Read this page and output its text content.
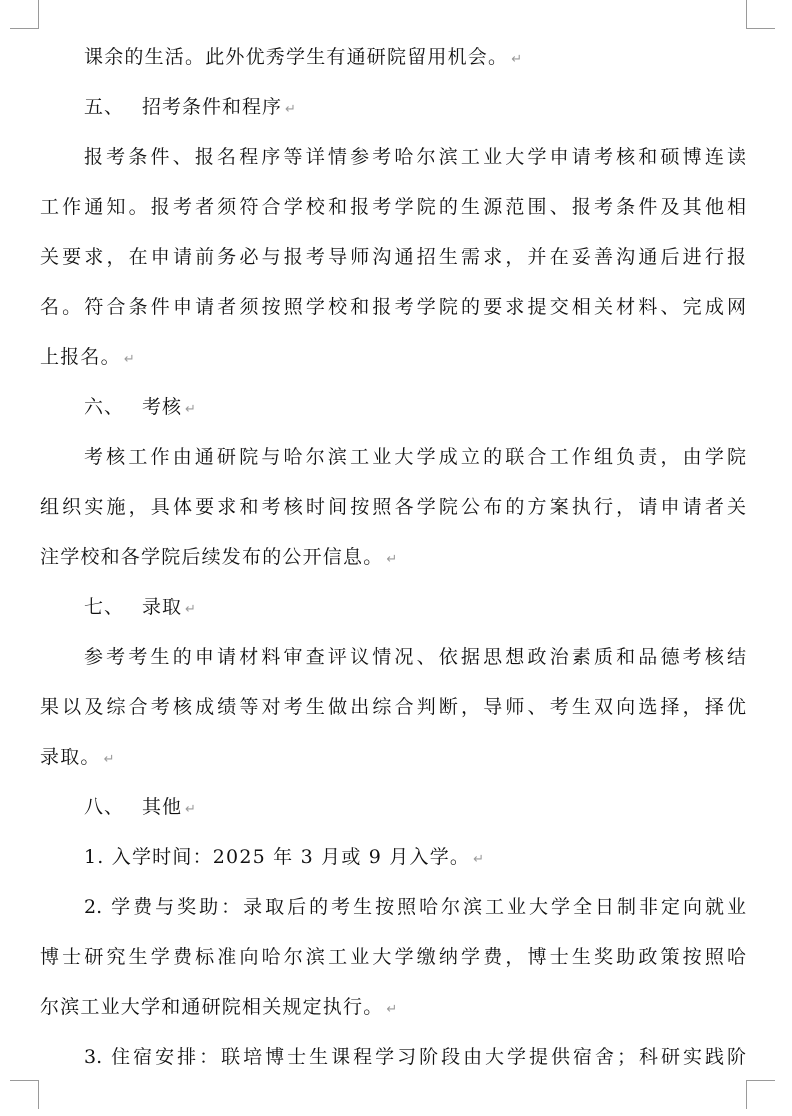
课余的生活。此外优秀学生有通研院留用机会。 ↵
五、 招考条件和程序 ↵
报考条件、报名程序等详情参考哈尔滨工业大学申请考核和硕博连读
工作通知。报考者须符合学校和报考学院的生源范围、报考条件及其他相
关要求，在申请前务必与报考导师沟通招生需求，并在妥善沟通后进行报
名。符合条件申请者须按照学校和报考学院的要求提交相关材料、完成网
上报名。 ↵
六、 考核 ↵
考核工作由通研院与哈尔滨工业大学成立的联合工作组负责，由学院
组织实施，具体要求和考核时间按照各学院公布的方案执行，请申请者关
注学校和各学院后续发布的公开信息。 ↵
七、 录取 ↵
参考考生的申请材料审查评议情况、依据思想政治素质和品德考核结
果以及综合考核成绩等对考生做出综合判断，导师、考生双向选择，择优
录取。 ↵
八、 其他 ↵
1. 入学时间：2025 年 3 月或 9 月入学。 ↵
2. 学费与奖助：录取后的考生按照哈尔滨工业大学全日制非定向就业
博士研究生学费标准向哈尔滨工业大学缴纳学费，博士生奖助政策按照哈
尔滨工业大学和通研院相关规定执行。 ↵
3. 住宿安排：联培博士生课程学习阶段由大学提供宿舍；科研实践阶
